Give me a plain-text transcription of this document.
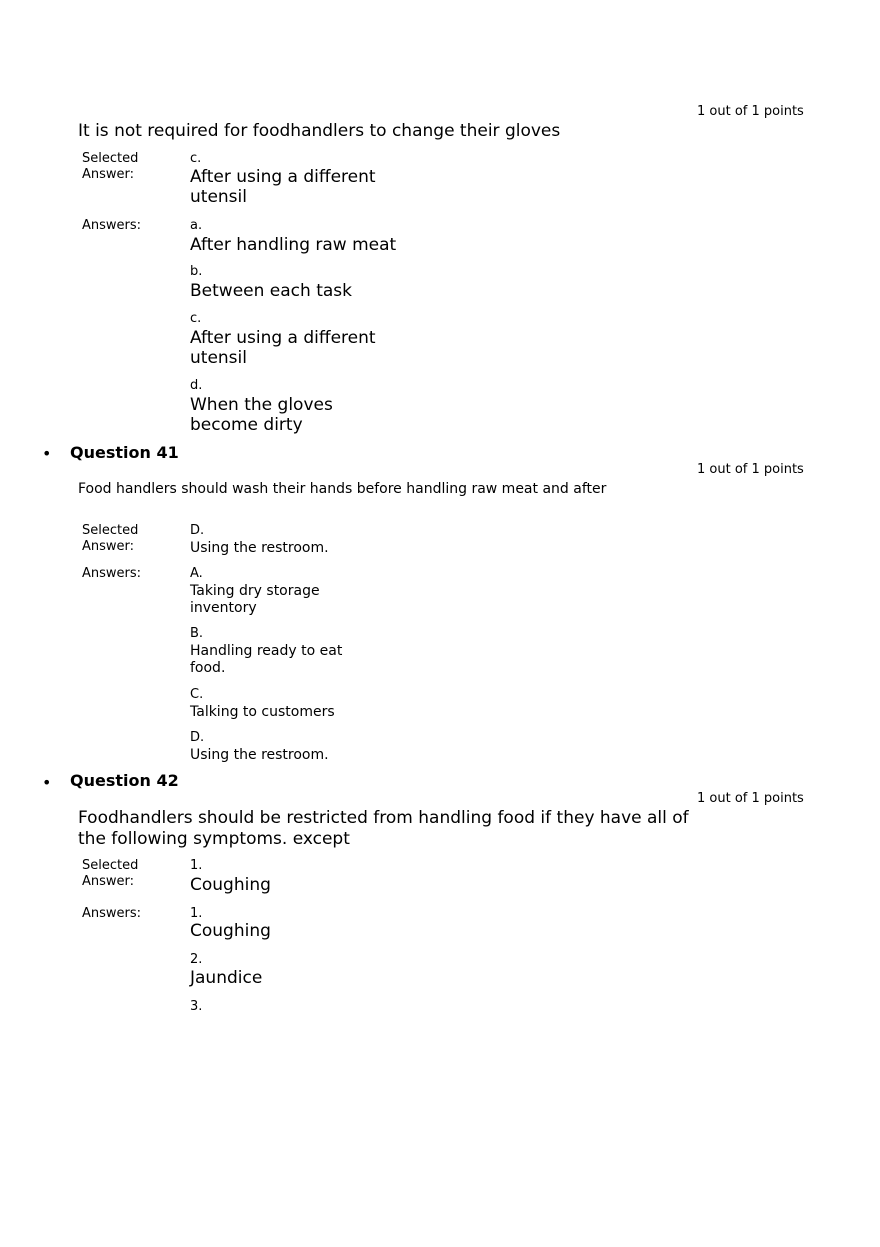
1 out of 1 points
It is not required for foodhandlers to change their gloves
Selected Answer:
c.
After using a different utensil
Answers:	a.
After handling raw meat
b.
Between each task
c.
After using a different utensil
d.
When the gloves become dirty
• Question 41
1 out of 1 points
Food handlers should wash their hands before handling raw meat and after
Selected Answer:
D.
Using the restroom.
Answers:	A.
Taking dry storage inventory
B.
Handling ready to eat food.
C.
Talking to customers
D.
Using the restroom.
• Question 42
1 out of 1 points
Foodhandlers should be restricted from handling food if they have all of the following symptoms. except
Selected Answer:
1.
Coughing
Answers:	1.
Coughing
2.
Jaundice
3.
